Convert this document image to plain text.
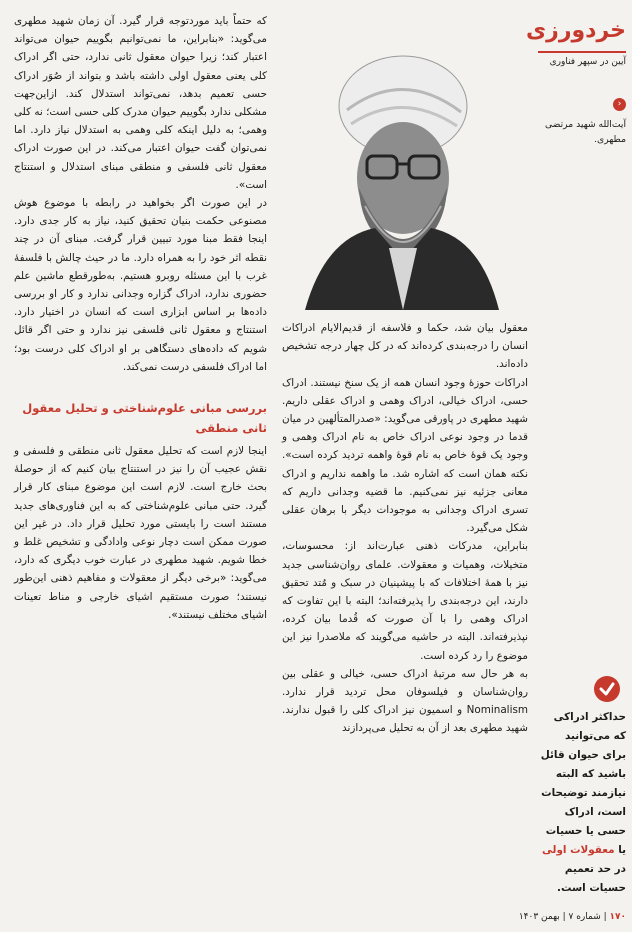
که حتماً باید موردتوجه قرار گیرد. آن زمان شهید مطهری می‌گوید: «بنابراین، ما نمی‌توانیم بگوییم حیوان می‌تواند اعتبار کند؛ زیرا حیوان معقول ثانی ندارد، حتی اگر ادراک کلی یعنی معقول اولی داشته باشد و بتواند از صُوَر ادراک حسی تعمیم بدهد، نمی‌تواند استدلال کند. ازاین‌جهت مشکلی ندارد بگوییم حیوان مدرک کلی حسی است؛ نه کلی وهمی؛ به دلیل اینکه کلی وهمی به استدلال نیاز دارد. اما نمی‌توان گفت حیوان اعتبار می‌کند. در این صورت ادراک معقول ثانی فلسفی و منطقی مبنای استدلال و استنتاج است».

در این صورت اگر بخواهید در رابطه با موضوع هوش مصنوعی حکمت بنیان تحقیق کنید، نیاز به کار جدی دارد. اینجا فقط مبنا مورد تبیین قرار گرفت. مبنای آن در چند نقطه اثر خود را به همراه دارد. ما در حیث چالش با فلسفهٔ غرب با این مسئله روبرو هستیم. به‌طورقطع ماشین علم حضوری ندارد، ادراک گزاره وجدانی ندارد و کار او بررسی داده‌ها بر اساس ابزاری است که انسان در اختیار دارد. استنتاج و معقول ثانی فلسفی نیز ندارد و حتی اگر قائل شویم که داده‌های دستگاهی بر او ادراک کلی درست بود؛ اما ادراک فلسفی درست نمی‌کند.

بررسی مبانی علوم‌شناختی و تحلیل معقول ثانی منطقی

اینجا لازم است که تحلیل معقول ثانی منطقی و فلسفی و نقش عجیب آن را نیز در استنتاج بیان کنیم که از حوصلهٔ بحث خارج است. لازم است این موضوع مبنای کار قرار گیرد. حتی مبانی علوم‌شناختی که به این فناوری‌های جدید مستند است را بایستی مورد تحلیل قرار داد. در غیر این صورت ممکن است دچار نوعی وادادگی و تشخیص غلط و خطا شویم. شهید مطهری در عبارت خوب دیگری که دارد، می‌گوید: «برخی دیگر از معقولات و مفاهیم ذهنی این‌طور نیستند؛ صورت مستقیم اشیای خارجی و مناط تعینات اشیای مختلف نیستند».

معقول بیان شد، حکما و فلاسفه از قدیم‌الایام ادراکات انسان را درجه‌بندی کرده‌اند که در کل چهار درجه تشخیص داده‌اند.

ادراکات حوزهٔ وجود انسان همه از یک سنخ نیستند. ادراک حسی، ادراک خیالی، ادراک وهمی و ادراک عقلی داریم. شهید مطهری در پاورقی می‌گوید: «صدرالمتألهین در میان قدما در وجود نوعی ادراک خاص به نام ادراک وهمی و وجود یک قوهٔ خاص به نام قوهٔ واهمه تردید کرده است». نکته همان است که اشاره شد. ما واهمه نداریم و ادراک معانی جزئیه نیز نمی‌کنیم. ما قضیه وجدانی داریم که تسری ادراک وجدانی به موجودات دیگر با برهان عقلی شکل می‌گیرد.

بنابراین، مدرکات ذهنی عبارت‌اند از: محسوسات، متخیلات، وهمیات و معقولات. علمای روان‌شناسی جدید نیز با همهٔ اختلافات که با پیشینیان در سبک و مُتد تحقیق دارند، این درجه‌بندی را پذیرفته‌اند؛ البته با این تفاوت که ادراک وهمی را با آن صورت که قُدما بیان کرده، نپذیرفته‌اند. البته در حاشیه می‌گویند که ملاصدرا نیز این موضوع را رد کرده است.

به هر حال سه مرتبهٔ ادراک حسی، خیالی و عقلی بین روان‌شناسان و فیلسوفان محل تردید قرار ندارد. Nominalism و اسمیون نیز ادراک کلی را قبول ندارند. شهید مطهری بعد از آن به تحلیل می‌پردازند

خردورزی
آیین در سپهر فناوری
‹
آیت‌الله شهید مرتضی مطهری.
حداکثر ادراکی که می‌توانید برای حیوان قائل باشید که البته نیازمند توضیحات است، ادراک حسی یا حسیات یا معقولات اولی در حد تعمیم حسیات است.
۱۷۰ | شماره ۷ | بهمن ۱۴۰۳
